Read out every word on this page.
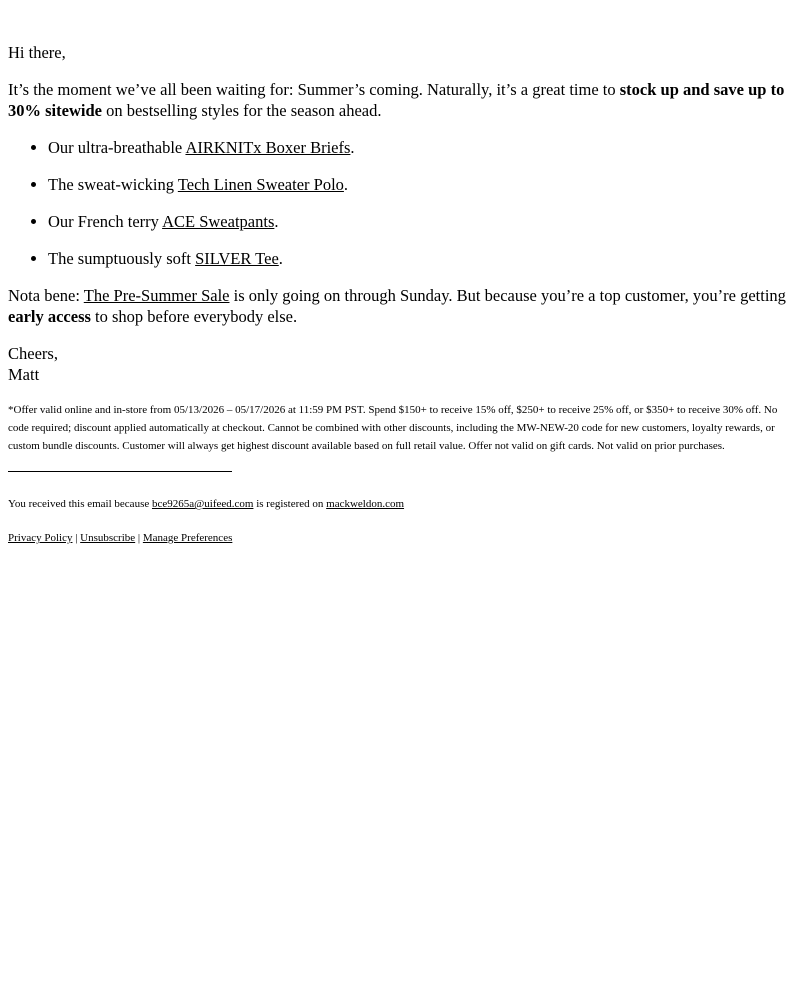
Hi there,

It’s the moment we’ve all been waiting for: Summer’s coming. Naturally, it’s a great time to stock up and save up to 30% sitewide on bestselling styles for the season ahead.

• Our ultra-breathable AIRKNITx Boxer Briefs.
• The sweat-wicking Tech Linen Sweater Polo.
• Our French terry ACE Sweatpants.
• The sumptuously soft SILVER Tee.

Nota bene: The Pre-Summer Sale is only going on through Sunday. But because you’re a top customer, you’re getting early access to shop before everybody else.

Cheers,
Matt

*Offer valid online and in-store from 05/13/2026 – 05/17/2026 at 11:59 PM PST. Spend $150+ to receive 15% off, $250+ to receive 25% off, or $350+ to receive 30% off. No code required; discount applied automatically at checkout. Cannot be combined with other discounts, including the MW-NEW-20 code for new customers, loyalty rewards, or custom bundle discounts. Customer will always get highest discount available based on full retail value. Offer not valid on gift cards. Not valid on prior purchases.

You received this email because bce9265a@uifeed.com is registered on mackweldon.com

Privacy Policy | Unsubscribe | Manage Preferences
